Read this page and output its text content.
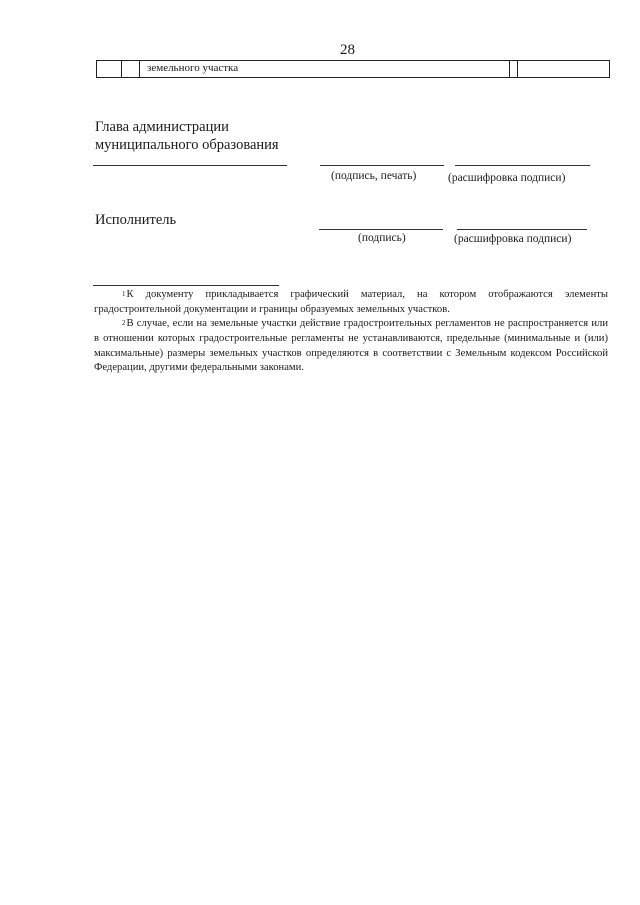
28
земельного участка
Глава администрации
муниципального образования
(подпись, печать)	(расшифровка подписи)
Исполнитель
(подпись)	(расшифровка подписи)
$^1$К документу прикладывается графический материал, на котором отображаются элементы градостроительной документации и границы образуемых земельных участков.
$^2$В случае, если на земельные участки действие градостроительных регламентов не распространяется или в отношении которых градостроительные регламенты не устанавливаются, предельные (минимальные и (или) максимальные) размеры земельных участков определяются в соответствии с Земельным кодексом Российской Федерации, другими федеральными законами.
